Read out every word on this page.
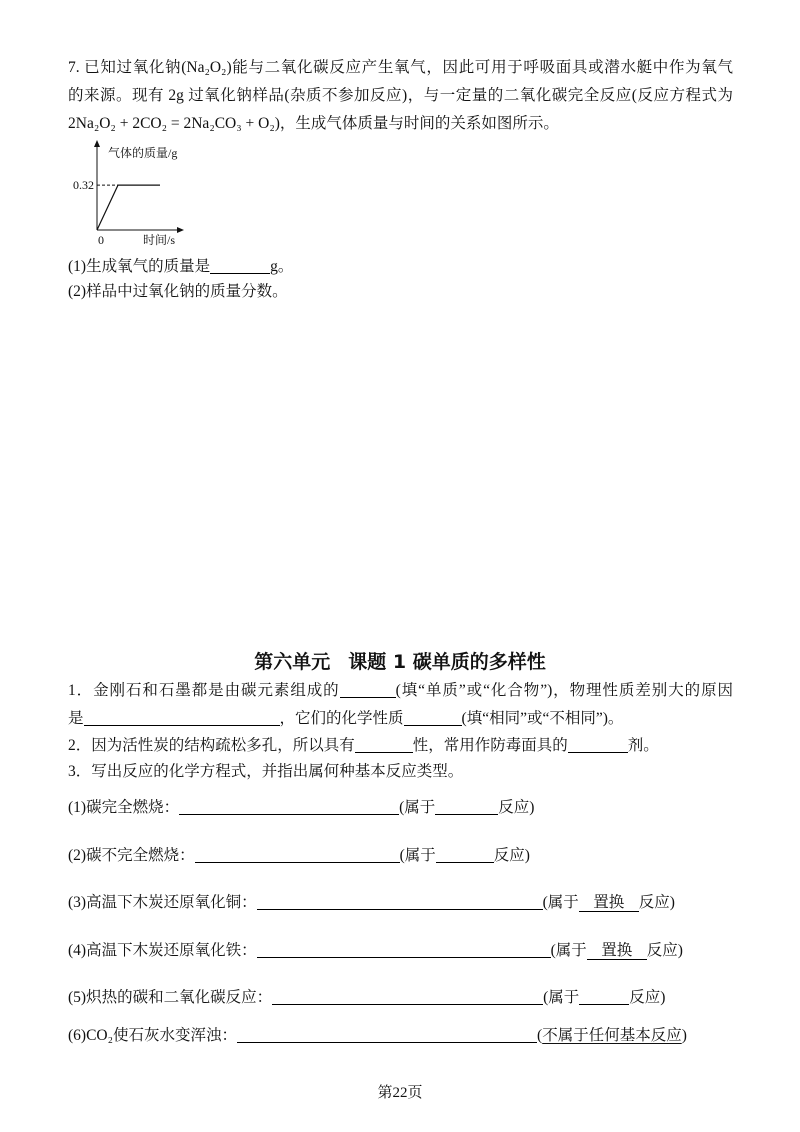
7. 已知过氧化钠(Na₂O₂)能与二氧化碳反应产生氧气，因此可用于呼吸面具或潜水艇中作为氧气
的来源。现有 2g 过氧化钠样品(杂质不参加反应)，与一定量的二氧化碳完全反应(反应方程式为
2Na₂O₂ + 2CO₂ = 2Na₂CO₃ + O₂)，生成气体质量与时间的关系如图所示。
气体的质量/g
0.32
0	时间/s
(1)生成氧气的质量是	g。
(2)样品中过氧化钠的质量分数。
第六单元 课题 1 碳单质的多样性
1．金刚石和石墨都是由碳元素组成的	(填“单质”或“化合物”)，物理性质差别大的原因
是	，它们的化学性质	(填“相同”或“不相同”)。
2．因为活性炭的结构疏松多孔，所以具有	性，常用作防毒面具的	剂。
3．写出反应的化学方程式，并指出属何种基本反应类型。
(1)碳完全燃烧：	(属于	反应)
(2)碳不完全燃烧：	(属于	反应)
(3)高温下木炭还原氧化铜：	(属于 置换 反应)
(4)高温下木炭还原氧化铁：	(属于 置换 反应)
(5)炽热的碳和二氧化碳反应：	(属于	反应)
(6)CO₂使石灰水变浑浊：	(不属于任何基本反应)
第22页
